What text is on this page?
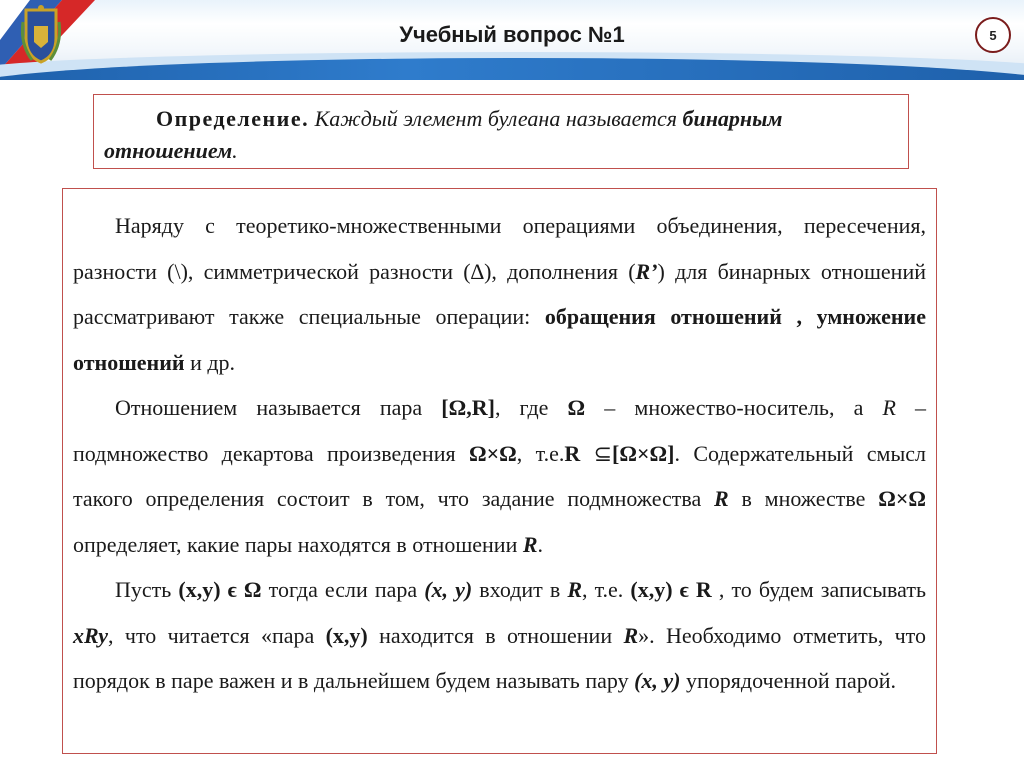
Учебный вопрос №1	5
Определение. Каждый элемент булеана называется бинарным отношением.

Наряду с теоретико-множественными операциями объединения, пересечения, разности (\), симметрической разности (∆), дополнения (R’) для бинарных отношений рассматривают также специальные операции: обращения отношений , умножение отношений и др.

Отношением называется пара [Ω,R], где Ω – множество-носитель, а R – подмножество декартова произведения Ω×Ω, т.е.R ⊆[Ω×Ω]. Содержательный смысл такого определения состоит в том, что задание подмножества R в множестве Ω×Ω определяет, какие пары находятся в отношении R.

Пусть (x,y) ϵ Ω тогда если пара (x, y) входит в R, т.е. (x,y) ϵ R , то будем записывать xRy, что читается «пара (x,y) находится в отношении R». Необходимо отметить, что порядок в паре важен и в дальнейшем будем называть пару (x, y) упорядоченной парой.
